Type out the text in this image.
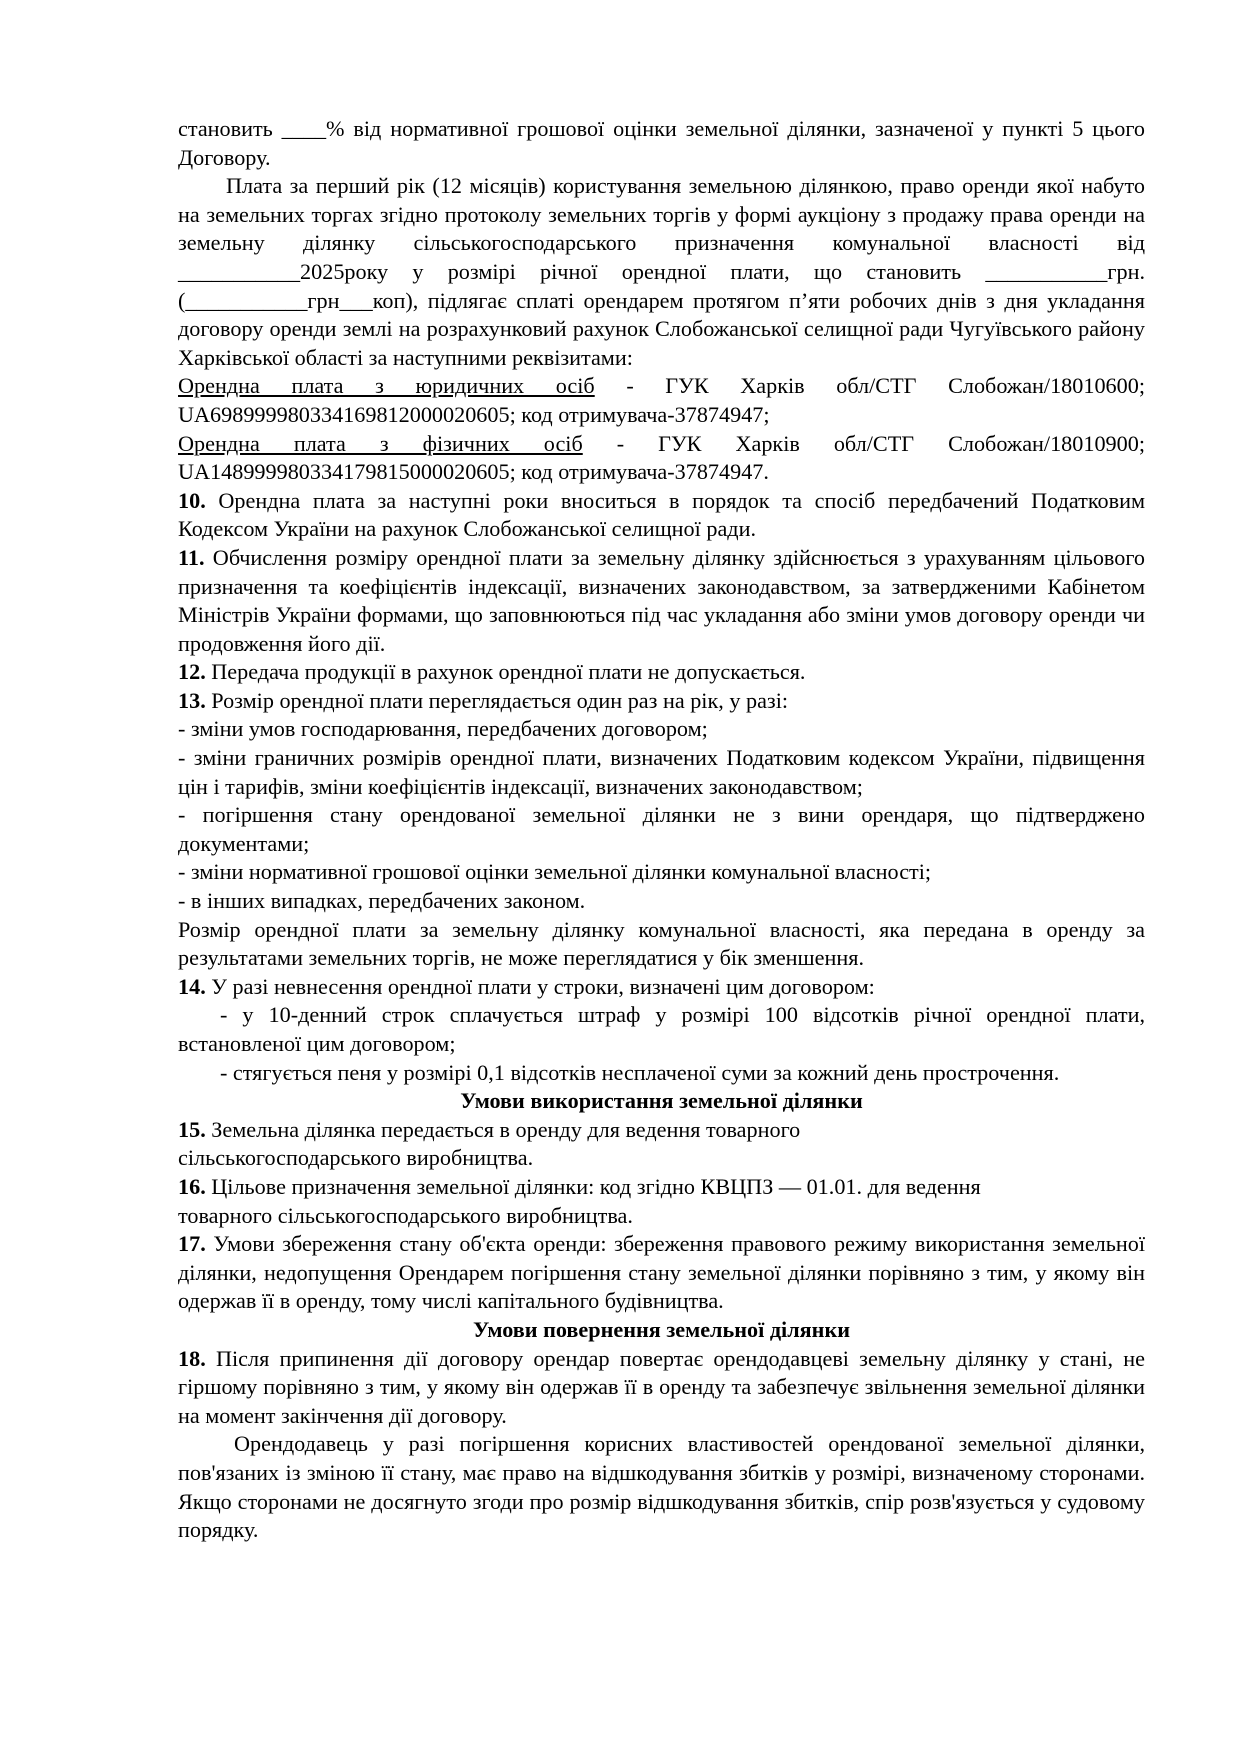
становить ____% від нормативної грошової оцінки земельної ділянки, зазначеної у пункті 5 цього Договору.

Плата за перший рік (12 місяців) користування земельною ділянкою, право оренди якої набуто на земельних торгах згідно протоколу земельних торгів у формі аукціону з продажу права оренди на земельну ділянку сільськогосподарського призначення комунальної власності від ___________2025року у розмірі річної орендної плати, що становить ___________грн.(___________грн___коп), підлягає сплаті орендарем протягом п’яти робочих днів з дня укладання договору оренди землі на розрахунковий рахунок Слобожанської селищної ради Чугуївського району Харківської області за наступними реквізитами:

Орендна плата з юридичних осіб - ГУК Харків обл/СТГ Слобожан/18010600; UA698999980334169812000020605; код отримувача-37874947;

Орендна плата з фізичних осіб - ГУК Харків обл/СТГ Слобожан/18010900; UA148999980334179815000020605; код отримувача-37874947.

10. Орендна плата за наступні роки вноситься в порядок та спосіб передбачений Податковим Кодексом України на рахунок Слобожанської селищної ради.

11. Обчислення розміру орендної плати за земельну ділянку здійснюється з урахуванням цільового призначення та коефіцієнтів індексації, визначених законодавством, за затвердженими Кабінетом Міністрів України формами, що заповнюються під час укладання або зміни умов договору оренди чи продовження його дії.

12. Передача продукції в рахунок орендної плати не допускається.

13. Розмір орендної плати переглядається один раз на рік, у разі:

- зміни умов господарювання, передбачених договором;

- зміни граничних розмірів орендної плати, визначених Податковим кодексом України, підвищення цін і тарифів, зміни коефіцієнтів індексації, визначених законодавством;

- погіршення стану орендованої земельної ділянки не з вини орендаря, що підтверджено документами;

- зміни нормативної грошової оцінки земельної ділянки комунальної власності;

- в інших випадках, передбачених законом.

Розмір орендної плати за земельну ділянку комунальної власності, яка передана в оренду за результатами земельних торгів, не може переглядатися у бік зменшення.

14. У разі невнесення орендної плати у строки, визначені цим договором:

- у 10-денний строк сплачується штраф у розмірі 100 відсотків річної орендної плати, встановленої цим договором;

- стягується пеня у розмірі 0,1 відсотків несплаченої суми за кожний день прострочення.

Умови використання земельної ділянки

15. Земельна ділянка передається в оренду для ведення товарного сільськогосподарського виробництва.

16. Цільове призначення земельної ділянки: код згідно КВЦПЗ — 01.01. для ведення товарного сільськогосподарського виробництва.

17. Умови збереження стану об'єкта оренди: збереження правового режиму використання земельної ділянки, недопущення Орендарем погіршення стану земельної ділянки порівняно з тим, у якому він одержав її в оренду, тому числі капітального будівництва.

Умови повернення земельної ділянки

18. Після припинення дії договору орендар повертає орендодавцеві земельну ділянку у стані, не гіршому порівняно з тим, у якому він одержав її в оренду та забезпечує звільнення земельної ділянки на момент закінчення дії договору.

Орендодавець у разі погіршення корисних властивостей орендованої земельної ділянки, пов'язаних із зміною її стану, має право на відшкодування збитків у розмірі, визначеному сторонами. Якщо сторонами не досягнуто згоди про розмір відшкодування збитків, спір розв'язується у судовому порядку.
